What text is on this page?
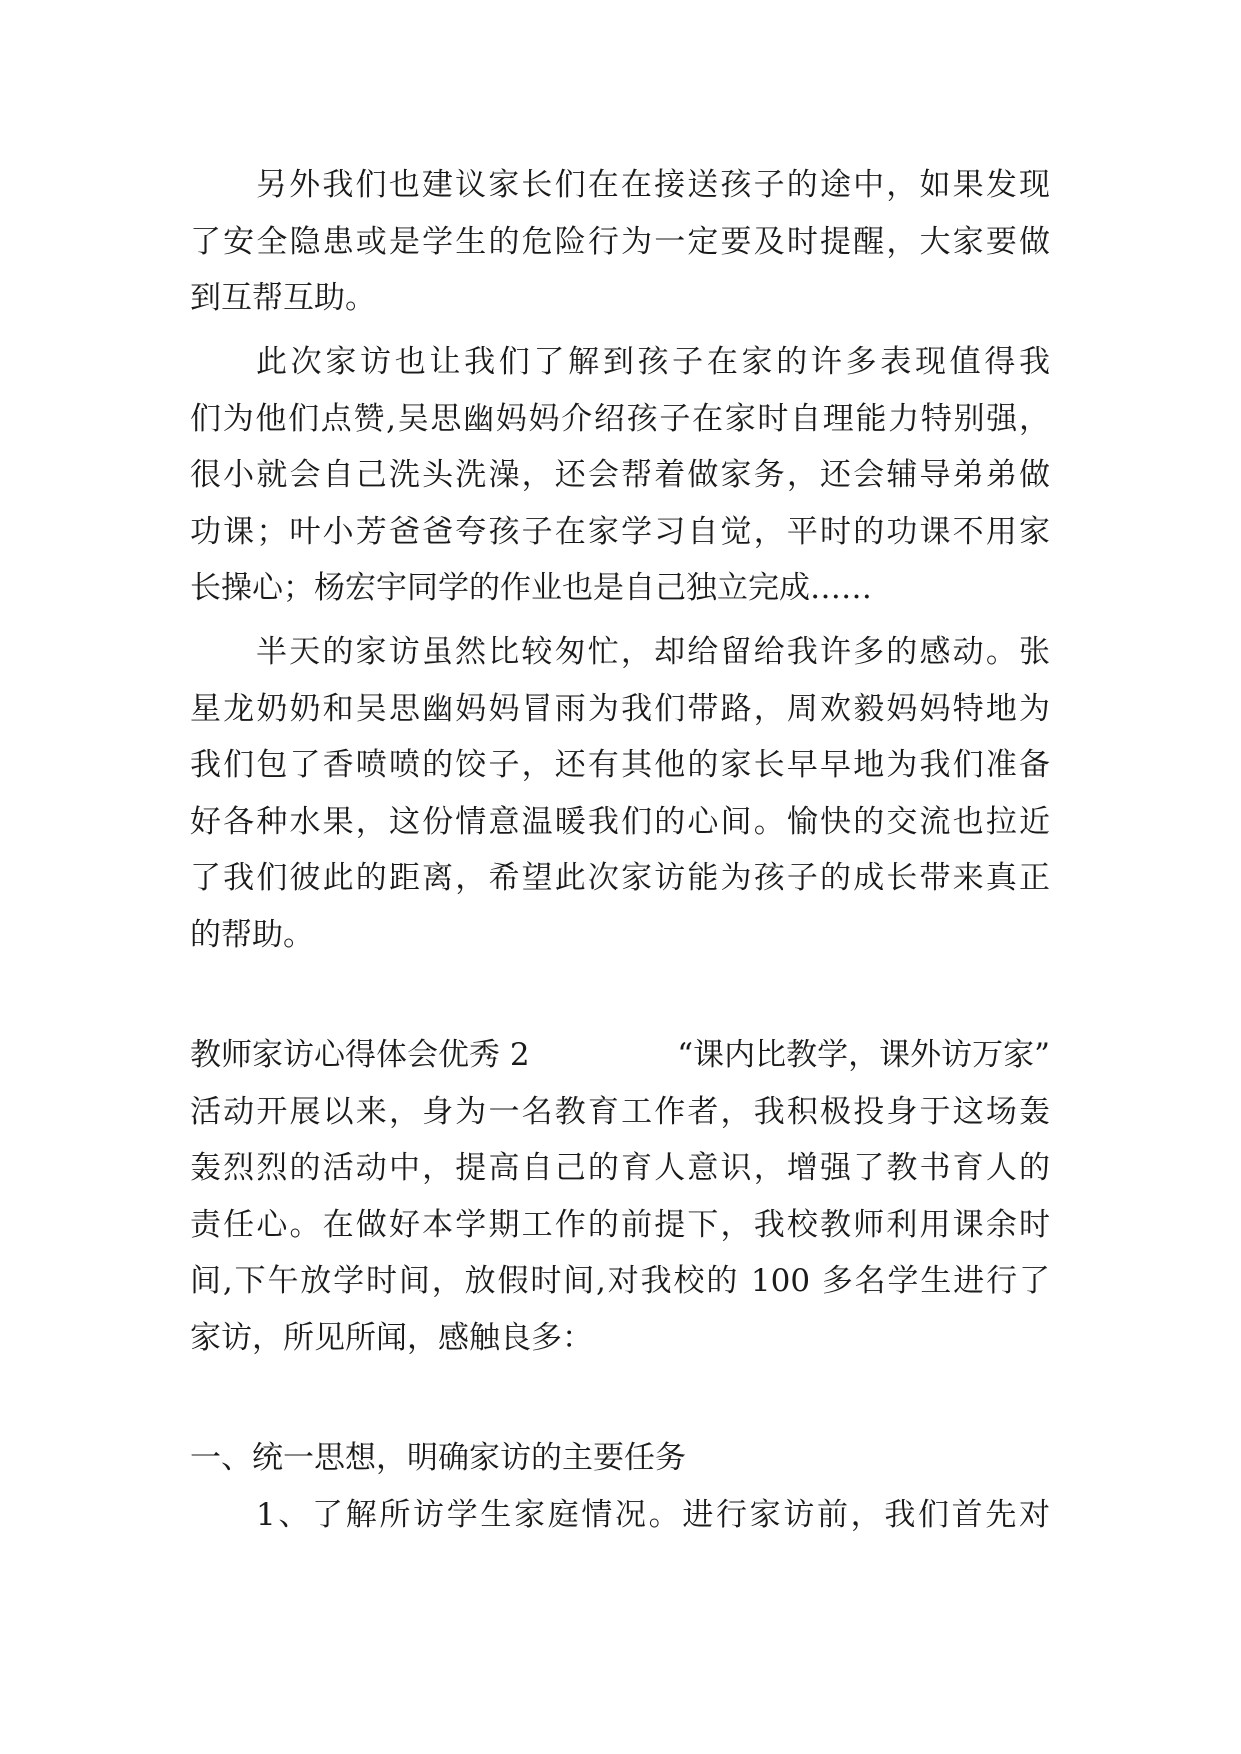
另外我们也建议家长们在在接送孩子的途中，如果发现
了安全隐患或是学生的危险行为一定要及时提醒，大家要做
到互帮互助。
此次家访也让我们了解到孩子在家的许多表现值得我
们为他们点赞,吴思幽妈妈介绍孩子在家时自理能力特别强，
很小就会自己洗头洗澡，还会帮着做家务，还会辅导弟弟做
功课；叶小芳爸爸夸孩子在家学习自觉，平时的功课不用家
长操心；杨宏宇同学的作业也是自己独立完成……
半天的家访虽然比较匆忙，却给留给我许多的感动。张
星龙奶奶和吴思幽妈妈冒雨为我们带路，周欢毅妈妈特地为
我们包了香喷喷的饺子，还有其他的家长早早地为我们准备
好各种水果，这份情意温暖我们的心间。愉快的交流也拉近
了我们彼此的距离，希望此次家访能为孩子的成长带来真正
的帮助。
教师家访心得体会优秀 2	“课内比教学，课外访万家”
活动开展以来，身为一名教育工作者，我积极投身于这场轰
轰烈烈的活动中，提高自己的育人意识，增强了教书育人的
责任心。在做好本学期工作的前提下，我校教师利用课余时
间,下午放学时间，放假时间,对我校的 100 多名学生进行了
家访，所见所闻，感触良多：
一、统一思想，明确家访的主要任务
1、了解所访学生家庭情况。进行家访前，我们首先对
